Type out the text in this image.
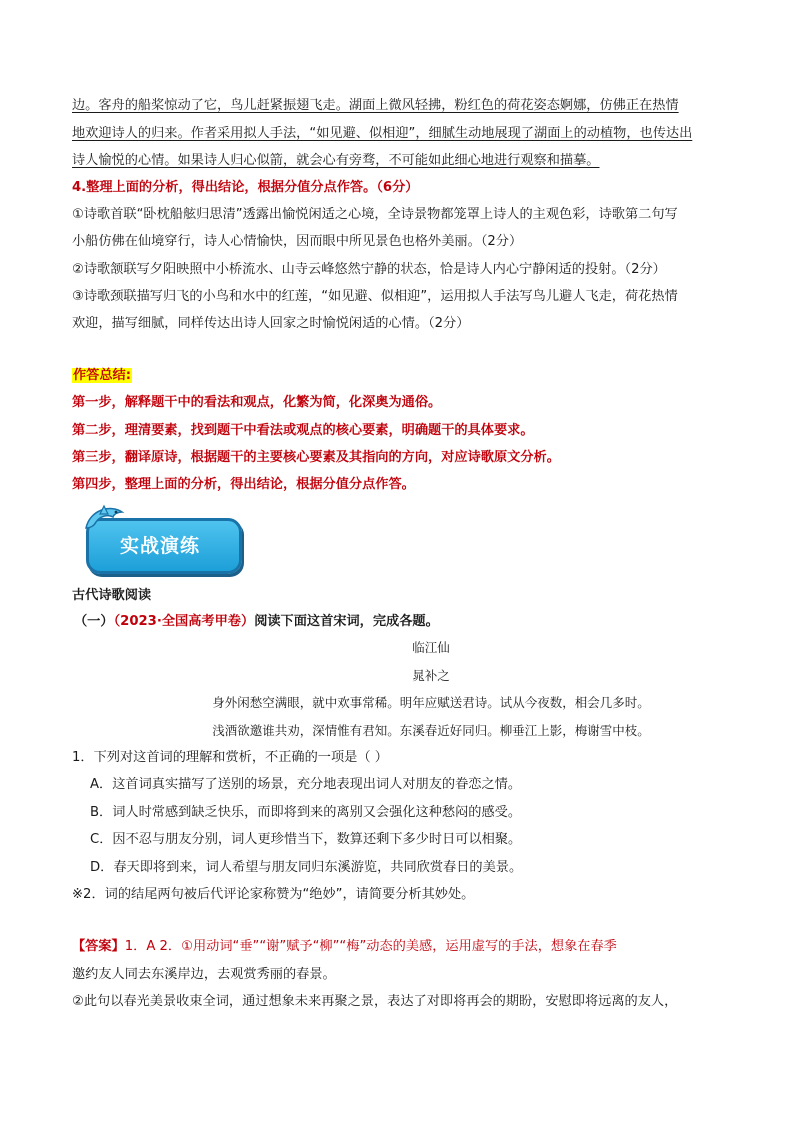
边。客舟的船桨惊动了它，鸟儿赶紧振翅飞走。湖面上微风轻拂，粉红色的荷花姿态婀娜，仿佛正在热情
地欢迎诗人的归来。作者采用拟人手法，“如见避、似相迎”，细腻生动地展现了湖面上的动植物，也传达出
诗人愉悦的心情。如果诗人归心似箭，就会心有旁骛，不可能如此细心地进行观察和描摹。
4.整理上面的分析，得出结论，根据分值分点作答。（6分）
①诗歌首联“卧枕船舷归思清”透露出愉悦闲适之心境，全诗景物都笼罩上诗人的主观色彩，诗歌第二句写
小船仿佛在仙境穿行，诗人心情愉快，因而眼中所见景色也格外美丽。（2分）
②诗歌颔联写夕阳映照中小桥流水、山寺云峰悠然宁静的状态，恰是诗人内心宁静闲适的投射。（2分）
③诗歌颈联描写归飞的小鸟和水中的红莲，“如见避、似相迎”，运用拟人手法写鸟儿避人飞走，荷花热情
欢迎，描写细腻，同样传达出诗人回家之时愉悦闲适的心情。（2分）
作答总结:
第一步，解释题干中的看法和观点，化繁为简，化深奥为通俗。
第二步，理清要素，找到题干中看法或观点的核心要素，明确题干的具体要求。
第三步，翻译原诗，根据题干的主要核心要素及其指向的方向，对应诗歌原文分析。
第四步，整理上面的分析，得出结论，根据分值分点作答。
实战演练
古代诗歌阅读
（一）（2023·全国高考甲卷）阅读下面这首宋词，完成各题。
临江仙
晁补之
身外闲愁空满眼，就中欢事常稀。明年应赋送君诗。试从今夜数，相会几多时。
浅酒欲邀谁共劝，深情惟有君知。东溪春近好同归。柳垂江上影，梅谢雪中枝。
1．下列对这首词的理解和赏析，不正确的一项是（ ）
A．这首词真实描写了送别的场景，充分地表现出词人对朋友的眷恋之情。
B．词人时常感到缺乏快乐，而即将到来的离别又会强化这种愁闷的感受。
C．因不忍与朋友分别，词人更珍惜当下，数算还剩下多少时日可以相聚。
D．春天即将到来，词人希望与朋友同归东溪游览，共同欣赏春日的美景。
※2．词的结尾两句被后代评论家称赞为“绝妙”，请简要分析其妙处。
【答案】1．A 2．①用动词“垂”“谢”赋予“柳”“梅”动态的美感，运用虚写的手法，想象在春季
邀约友人同去东溪岸边，去观赏秀丽的春景。
②此句以春光美景收束全词，通过想象未来再聚之景，表达了对即将再会的期盼，安慰即将远离的友人，
